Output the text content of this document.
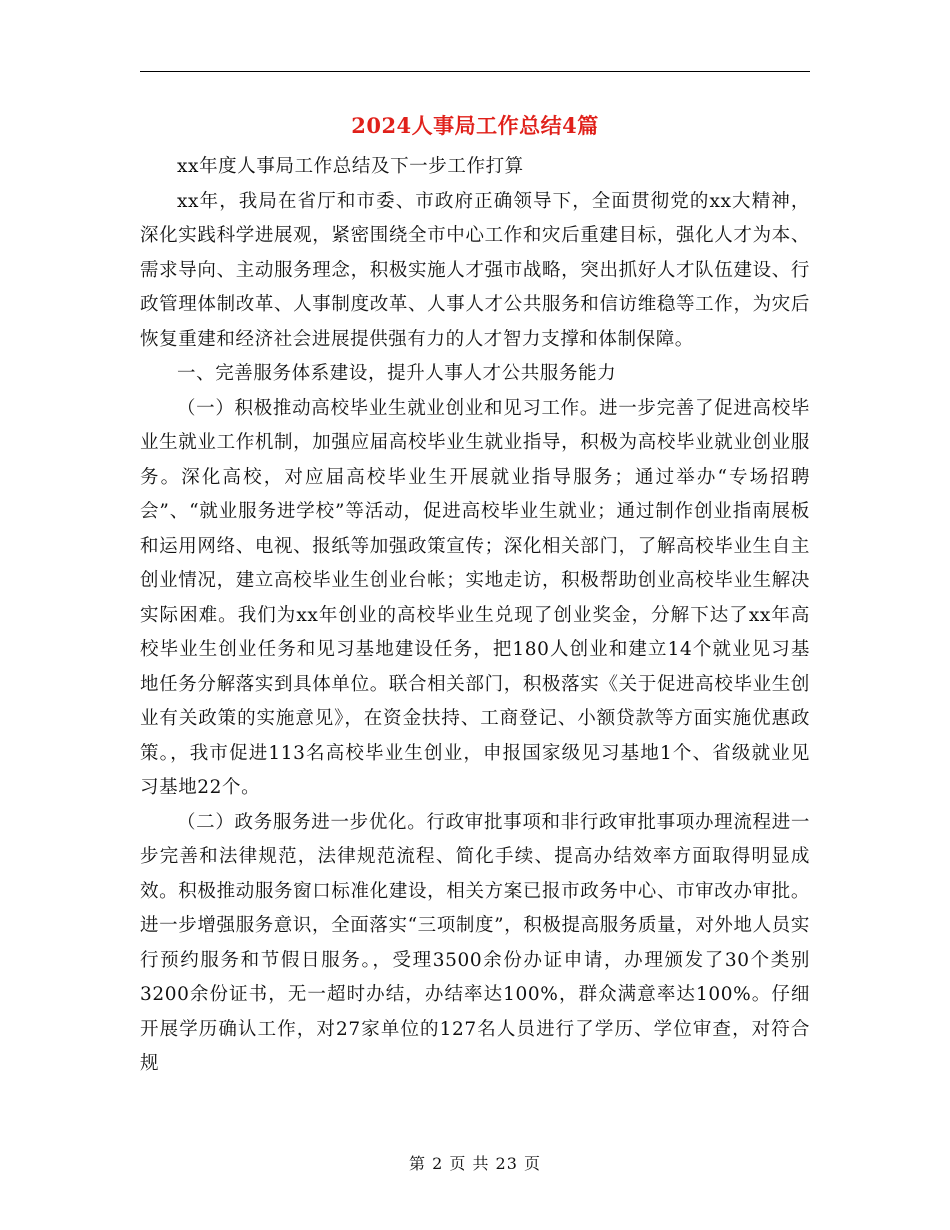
2024人事局工作总结4篇

xx年度人事局工作总结及下一步工作打算

xx年，我局在省厅和市委、市政府正确领导下，全面贯彻党的xx大精神，深化实践科学进展观，紧密围绕全市中心工作和灾后重建目标，强化人才为本、需求导向、主动服务理念，积极实施人才强市战略，突出抓好人才队伍建设、行政管理体制改革、人事制度改革、人事人才公共服务和信访维稳等工作，为灾后恢复重建和经济社会进展提供强有力的人才智力支撑和体制保障。

一、完善服务体系建设，提升人事人才公共服务能力

（一）积极推动高校毕业生就业创业和见习工作。进一步完善了促进高校毕业生就业工作机制，加强应届高校毕业生就业指导，积极为高校毕业就业创业服务。深化高校，对应届高校毕业生开展就业指导服务；通过举办“专场招聘会”、“就业服务进学校”等活动，促进高校毕业生就业；通过制作创业指南展板和运用网络、电视、报纸等加强政策宣传；深化相关部门，了解高校毕业生自主创业情况，建立高校毕业生创业台帐；实地走访，积极帮助创业高校毕业生解决实际困难。我们为xx年创业的高校毕业生兑现了创业奖金，分解下达了xx年高校毕业生创业任务和见习基地建设任务，把180人创业和建立14个就业见习基地任务分解落实到具体单位。联合相关部门，积极落实《关于促进高校毕业生创业有关政策的实施意见》，在资金扶持、工商登记、小额贷款等方面实施优惠政策。，我市促进113名高校毕业生创业，申报国家级见习基地1个、省级就业见习基地22个。

（二）政务服务进一步优化。行政审批事项和非行政审批事项办理流程进一步完善和法律规范，法律规范流程、简化手续、提高办结效率方面取得明显成效。积极推动服务窗口标准化建设，相关方案已报市政务中心、市审改办审批。进一步增强服务意识，全面落实“三项制度”，积极提高服务质量，对外地人员实行预约服务和节假日服务。，受理3500余份办证申请，办理颁发了30个类别3200余份证书，无一超时办结，办结率达100%，群众满意率达100%。仔细开展学历确认工作，对27家单位的127名人员进行了学历、学位审查，对符合规

第 2 页 共 23 页
